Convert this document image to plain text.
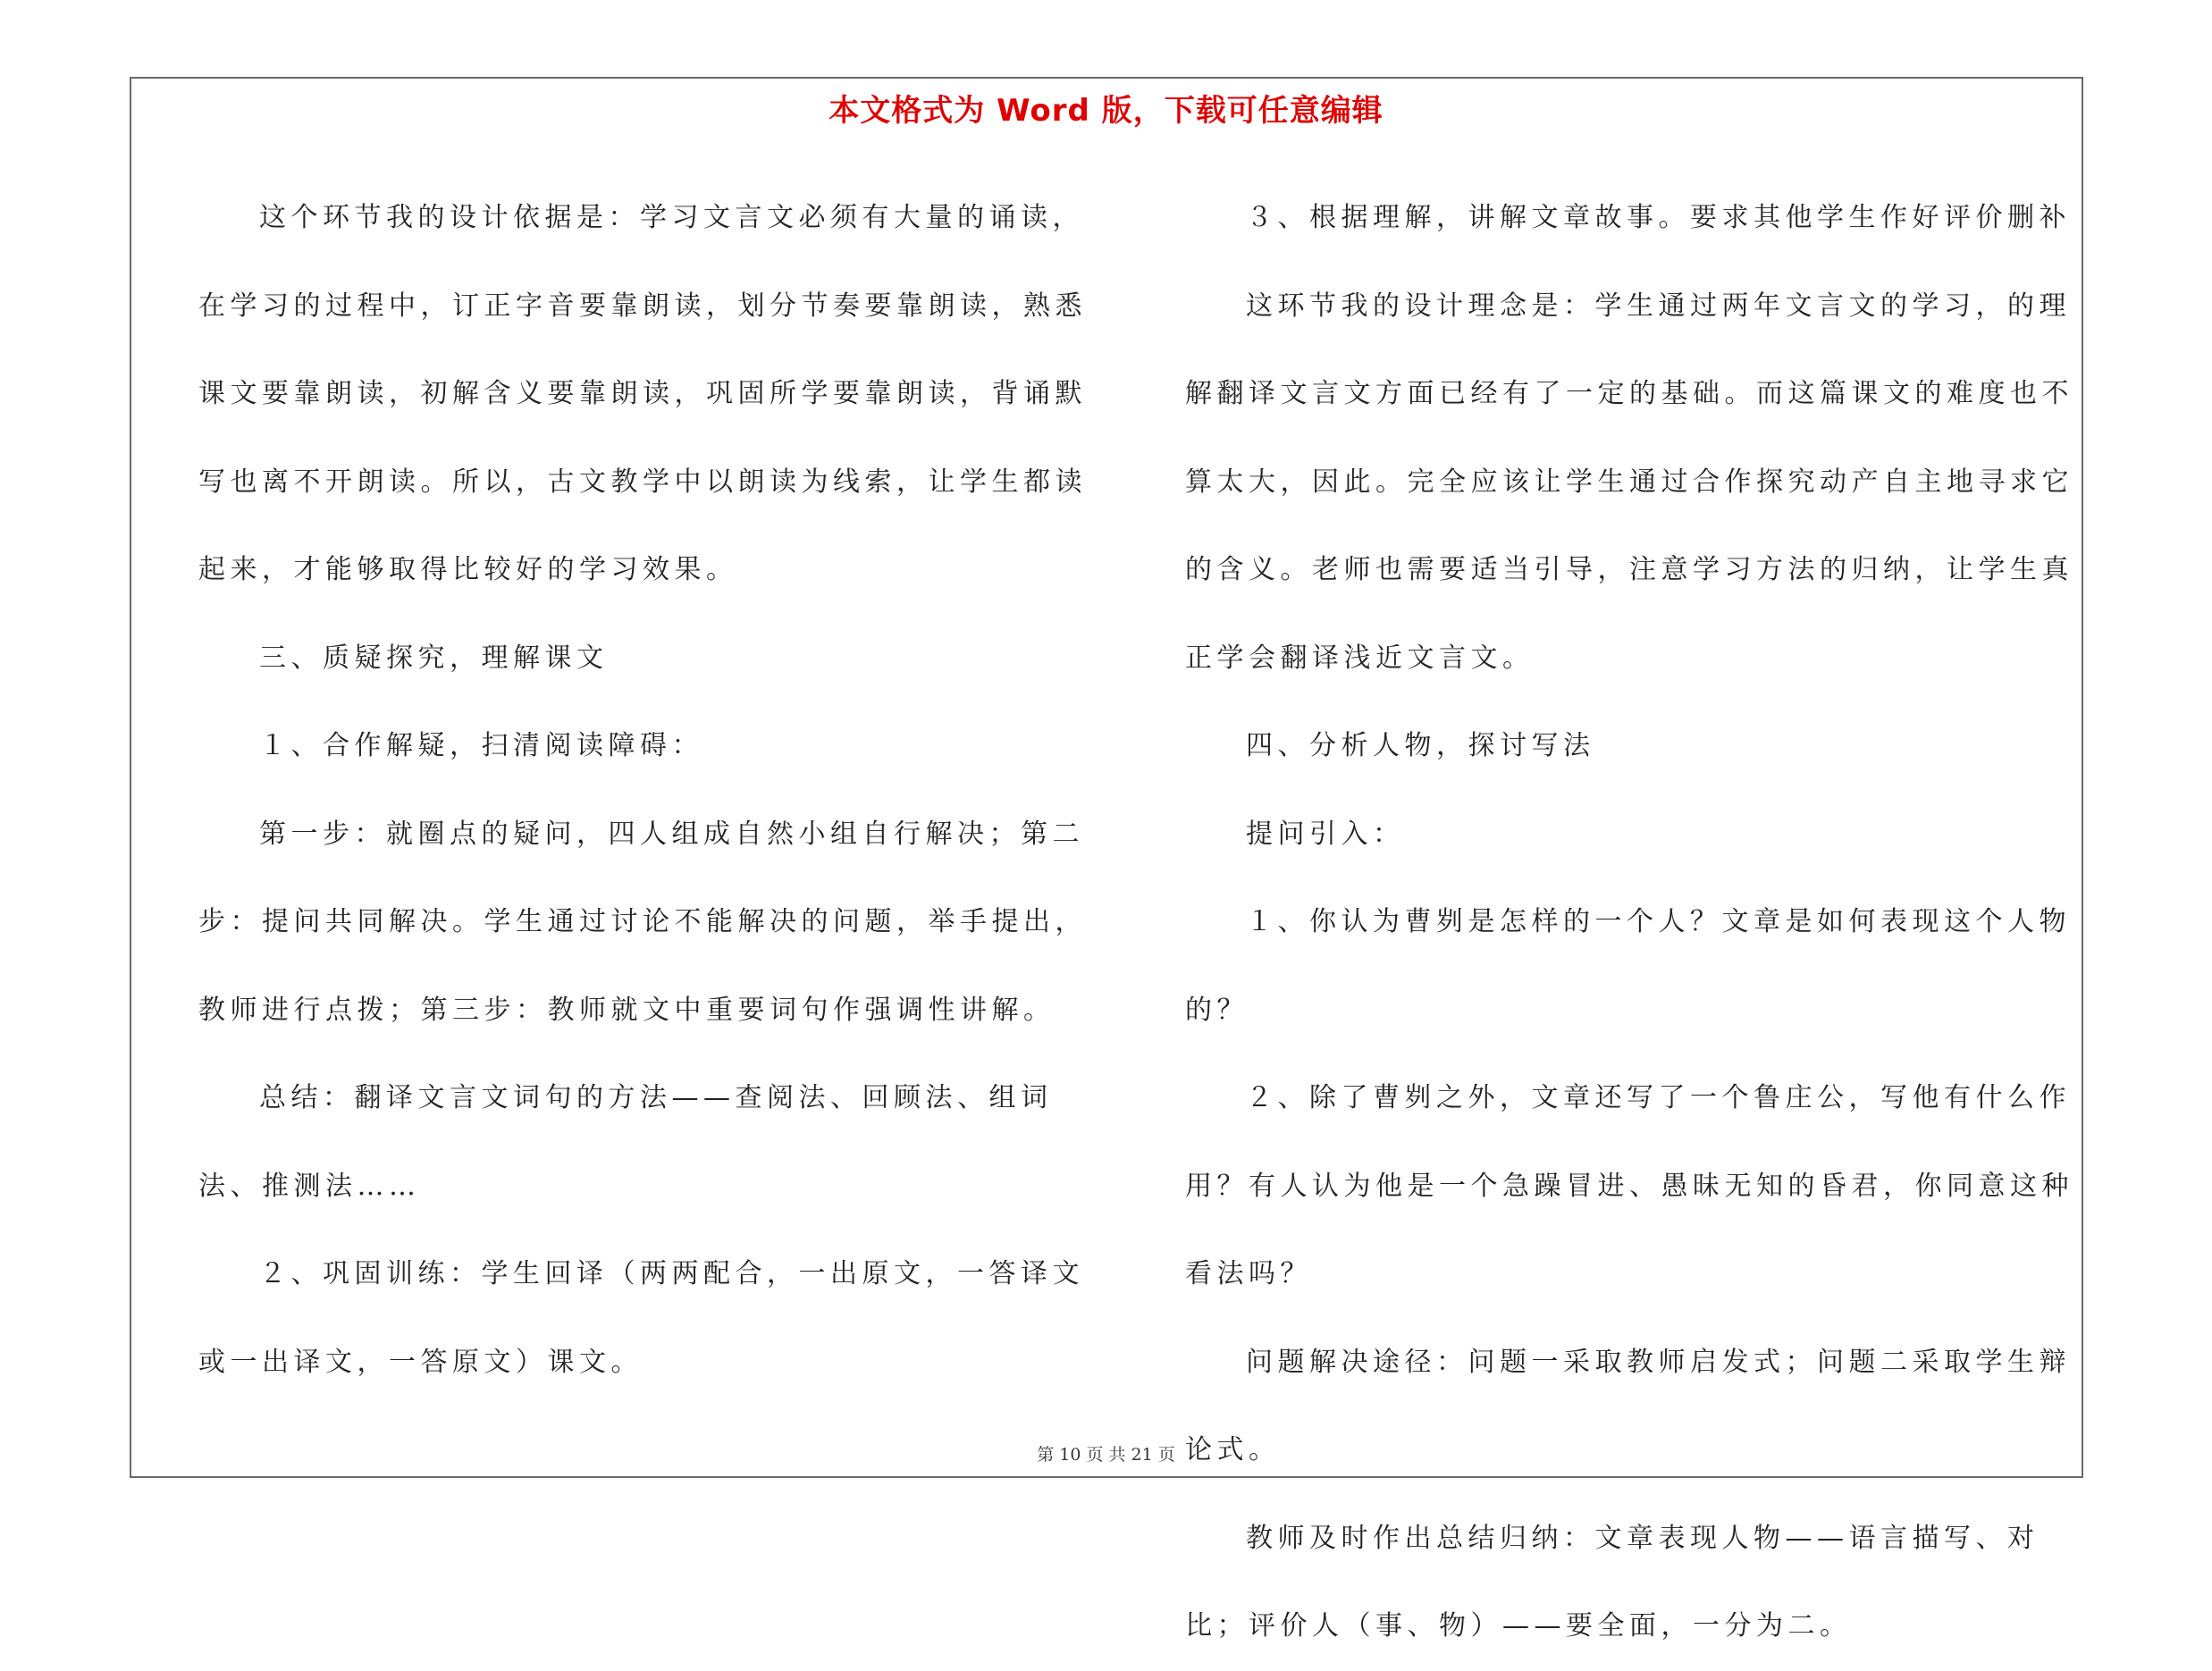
本文格式为 Word 版，下载可任意编辑

这个环节我的设计依据是：学习文言文必须有大量的诵读，在学习的过程中，订正字音要靠朗读，划分节奏要靠朗读，熟悉课文要靠朗读，初解含义要靠朗读，巩固所学要靠朗读，背诵默写也离不开朗读。所以，古文教学中以朗读为线索，让学生都读起来，才能够取得比较好的学习效果。

三、质疑探究，理解课文

１、合作解疑，扫清阅读障碍：

第一步：就圈点的疑问，四人组成自然小组自行解决；第二步：提问共同解决。学生通过讨论不能解决的问题，举手提出，教师进行点拨；第三步：教师就文中重要词句作强调性讲解。

总结：翻译文言文词句的方法——查阅法、回顾法、组词法、推测法……

２、巩固训练：学生回译（两两配合，一出原文，一答译文或一出译文，一答原文）课文。

３、根据理解，讲解文章故事。要求其他学生作好评价删补

这环节我的设计理念是：学生通过两年文言文的学习，的理解翻译文言文方面已经有了一定的基础。而这篇课文的难度也不算太大，因此。完全应该让学生通过合作探究动产自主地寻求它的含义。老师也需要适当引导，注意学习方法的归纳，让学生真正学会翻译浅近文言文。

四、分析人物，探讨写法

提问引入：

１、你认为曹刿是怎样的一个人？文章是如何表现这个人物的？

２、除了曹刿之外，文章还写了一个鲁庄公，写他有什么作用？有人认为他是一个急躁冒进、愚昧无知的昏君，你同意这种看法吗？

问题解决途径：问题一采取教师启发式；问题二采取学生辩论式。

教师及时作出总结归纳：文章表现人物——语言描写、对比；评价人（事、物）——要全面，一分为二。

第 10 页 共 21 页
